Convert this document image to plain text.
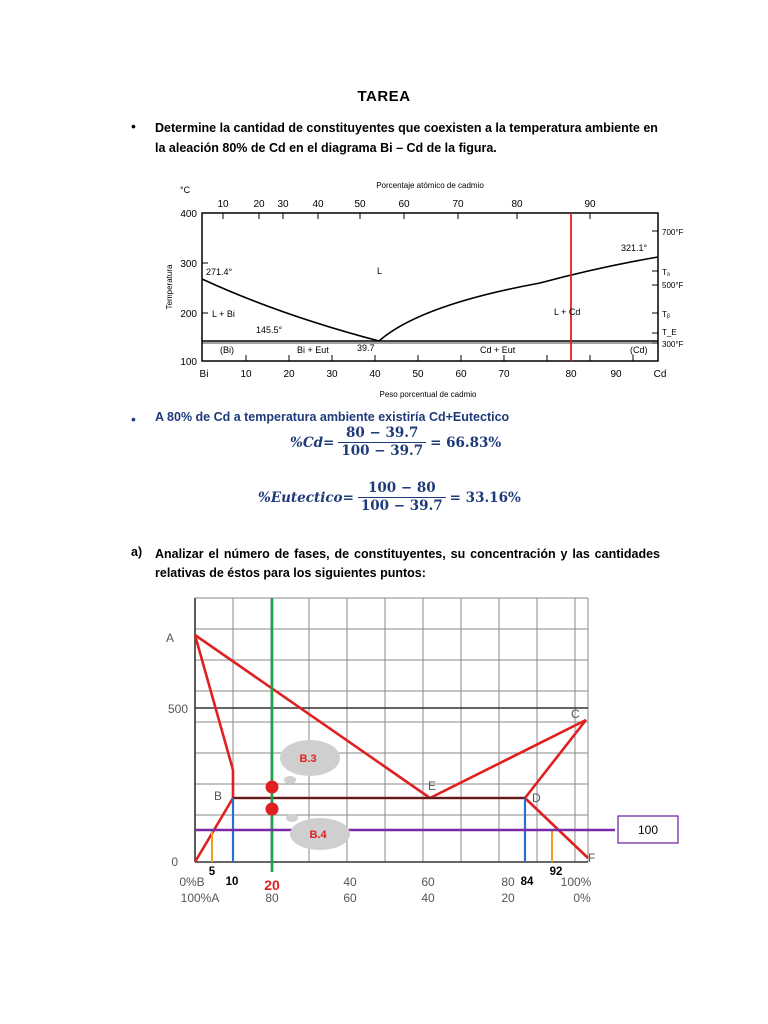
TAREA
• Determine la cantidad de constituyentes que coexisten a la temperatura ambiente en la aleación 80% de Cd en el diagrama Bi – Cd de la figura.
Porcentaje atómico de cadmio
10 20 30 40	50	60	70	80	90
Bi	10	20	30	40	50	60	70	80	90	Cd
Peso porcentual de cadmio
°C
400
300
200
100
Temperatura
700°F
Tₐ
500°F
Tᵦ
T_E
300°F
271.4°
321.1°
L
L + Bi	L + Cd
145.5°
39.7
(Bi)	Bi + Eut	Cd + Eut	(Cd)
• A 80% de Cd a temperatura ambiente existiría Cd+Eutectico
$\%Cd = \frac{80 - 39.7}{100 - 39.7} = 66.83\%$
%Eutectico = $\frac{100 - 80}{100 - 39.7} = 33.16\%$
a) Analizar el número de fases, de constituyentes, su concentración y las cantidades relativas de éstos para los siguientes puntos:
100
B.3
B.4
A
B
C
D
E
F
500
0
0%B	20	40	60	80	100%
100%A	80	60	40	20	0%
5
10	84
92
